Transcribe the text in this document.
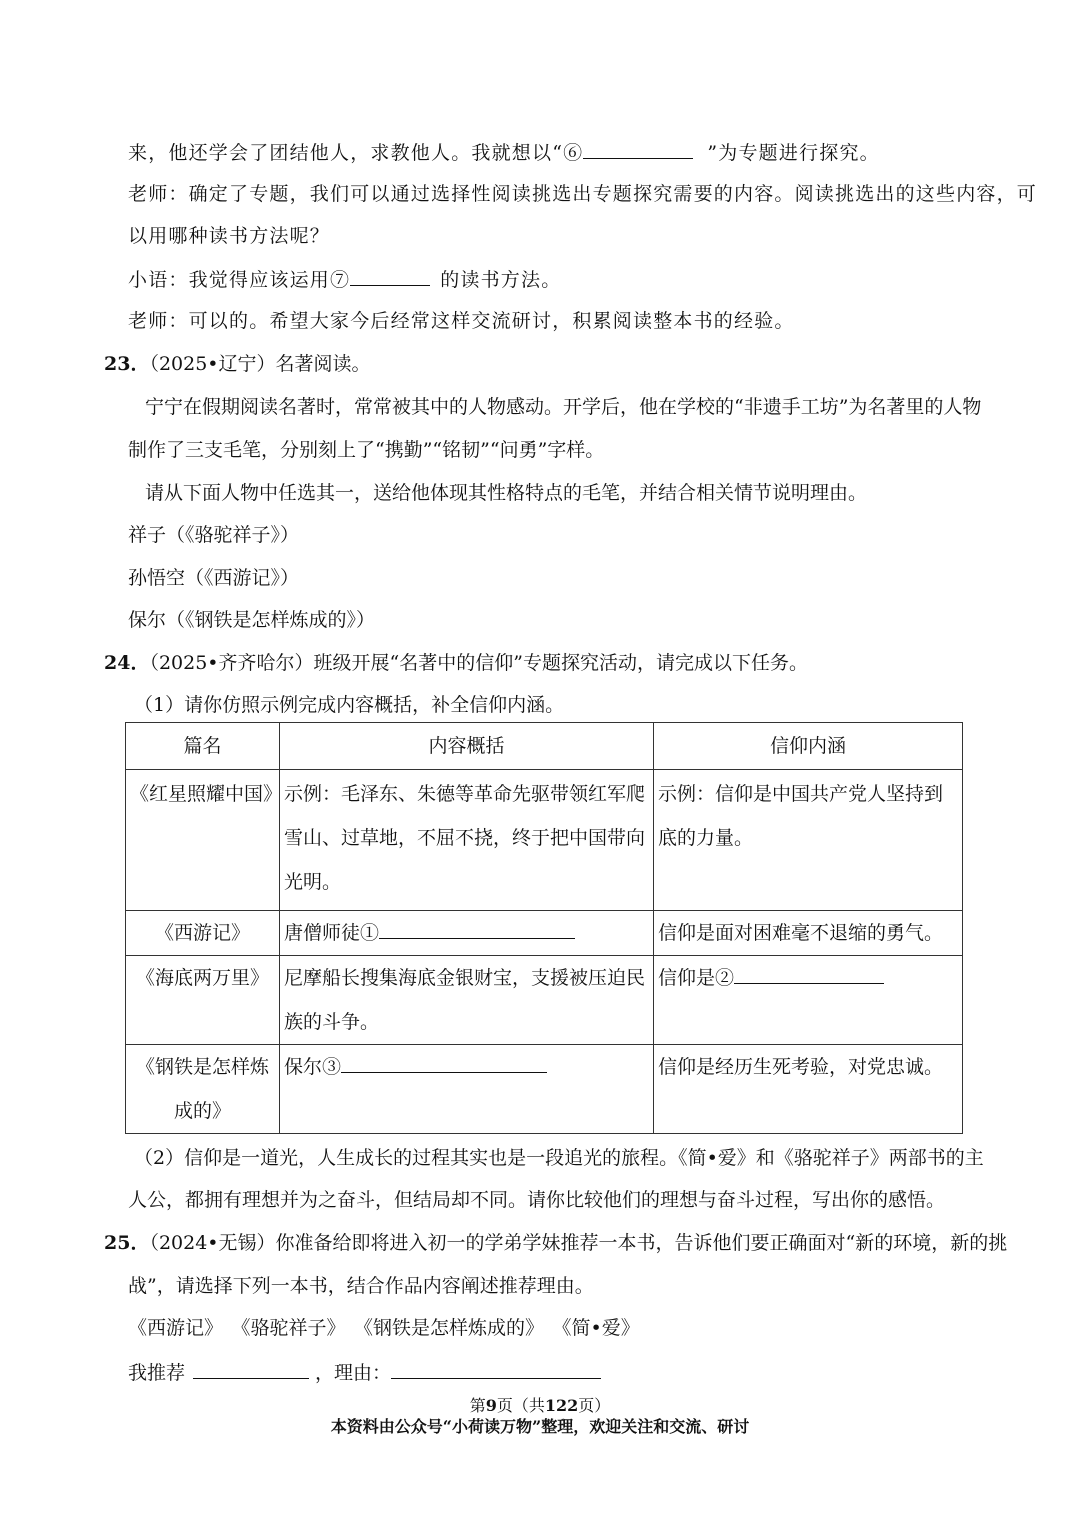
来，他还学会了团结他人，求教他人。我就想以“⑥	”为专题进行探究。
老师：确定了专题，我们可以通过选择性阅读挑选出专题探究需要的内容。阅读挑选出的这些内容，可
以用哪种读书方法呢？
小语：我觉得应该运用⑦	的读书方法。
老师：可以的。希望大家今后经常这样交流研讨，积累阅读整本书的经验。
23．（2025•辽宁）名著阅读。
宁宁在假期阅读名著时，常常被其中的人物感动。开学后，他在学校的“非遗手工坊”为名著里的人物
制作了三支毛笔，分别刻上了“携勤”“铭韧”“问勇”字样。
请从下面人物中任选其一，送给他体现其性格特点的毛笔，并结合相关情节说明理由。
祥子（《骆驼祥子》）
孙悟空（《西游记》）
保尔（《钢铁是怎样炼成的》）
24．（2025•齐齐哈尔）班级开展“名著中的信仰”专题探究活动，请完成以下任务。
（1）请你仿照示例完成内容概括，补全信仰内涵。
篇名	内容概括	信仰内涵
《红星照耀中国》	示例：毛泽东、朱德等革命先驱带领红军爬雪山、过草地，不屈不挠，终于把中国带向光明。	示例：信仰是中国共产党人坚持到底的力量。
《西游记》	唐僧师徒①	信仰是面对困难毫不退缩的勇气。
《海底两万里》	尼摩船长搜集海底金银财宝，支援被压迫民族的斗争。	信仰是②
《钢铁是怎样炼成的》	保尔③	信仰是经历生死考验，对党忠诚。
（2）信仰是一道光，人生成长的过程其实也是一段追光的旅程。《简•爱》和《骆驼祥子》两部书的主
人公，都拥有理想并为之奋斗，但结局却不同。请你比较他们的理想与奋斗过程，写出你的感悟。
25．（2024•无锡）你准备给即将进入初一的学弟学妹推荐一本书，告诉他们要正确面对“新的环境，新的挑
战”，请选择下列一本书，结合作品内容阐述推荐理由。
《西游记》 《骆驼祥子》 《钢铁是怎样炼成的》 《简•爱》
我推荐	，理由：
第9页（共122页）
本资料由公众号“小荷读万物”整理，欢迎关注和交流、研讨
